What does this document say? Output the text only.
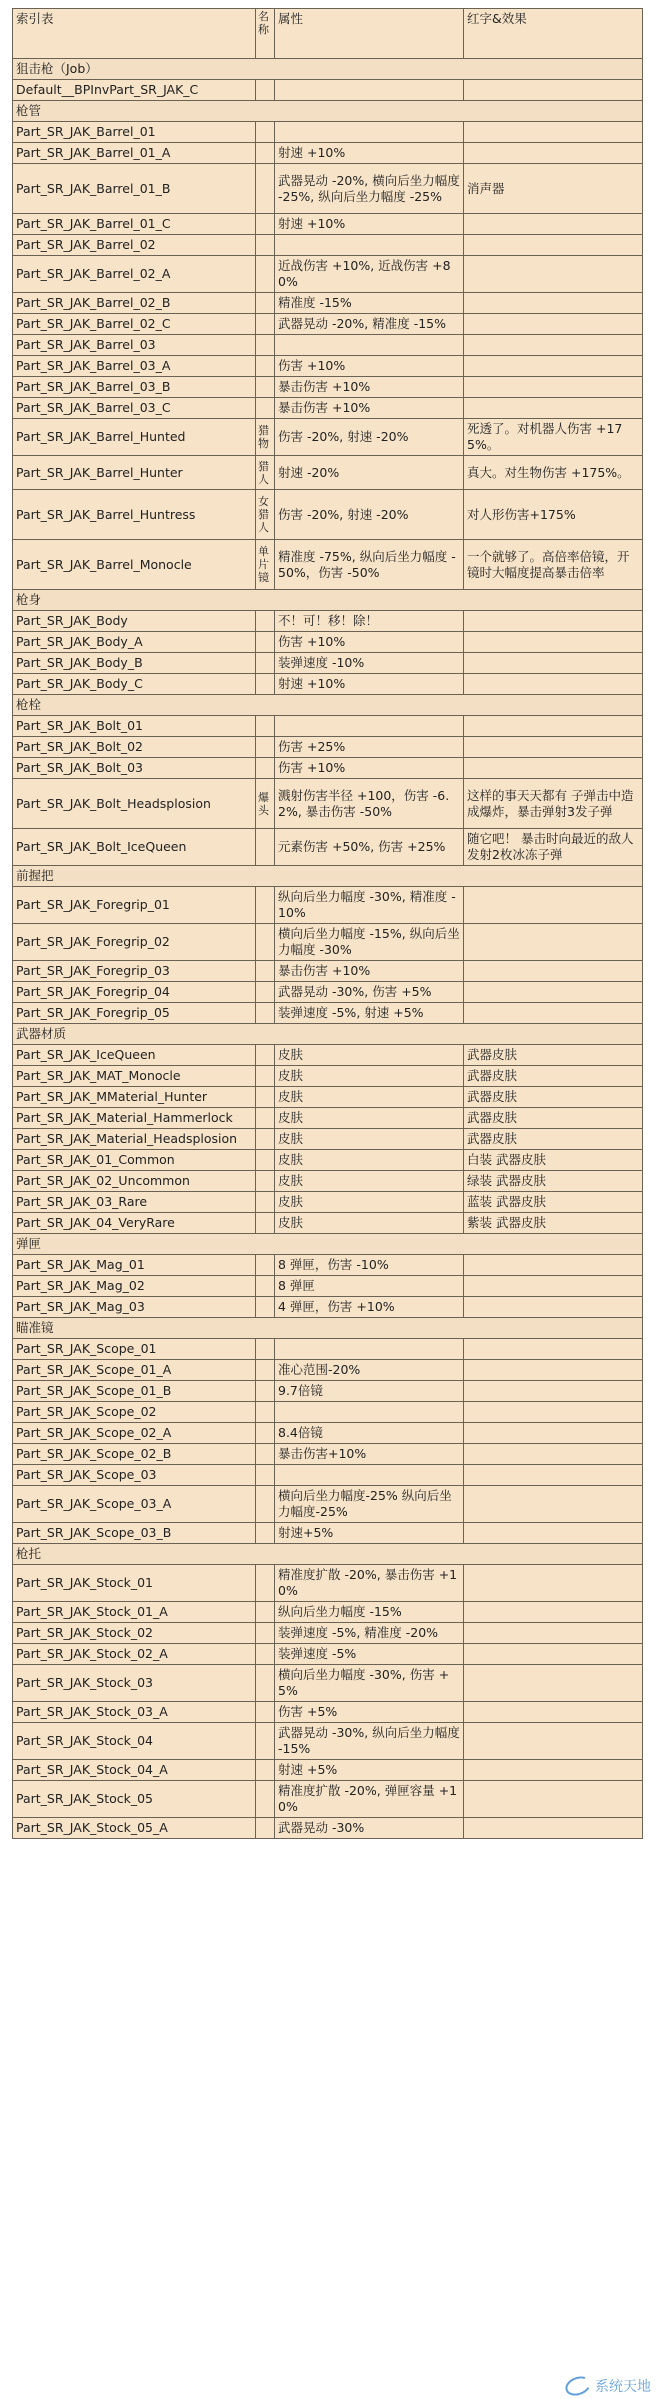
索引表	名称	属性	红字&效果
狙击枪（Job）			
Default__BPInvPart_SR_JAK_C			
枪管			
Part_SR_JAK_Barrel_01			
Part_SR_JAK_Barrel_01_A		射速 +10%	
Part_SR_JAK_Barrel_01_B		武器晃动 -20%, 横向后坐力幅度 -25%, 纵向后坐力幅度 -25%	消声器
Part_SR_JAK_Barrel_01_C		射速 +10%	
Part_SR_JAK_Barrel_02			
Part_SR_JAK_Barrel_02_A		近战伤害 +10%, 近战伤害 +80%	
Part_SR_JAK_Barrel_02_B		精准度 -15%	
Part_SR_JAK_Barrel_02_C		武器晃动 -20%, 精准度 -15%	
Part_SR_JAK_Barrel_03			
Part_SR_JAK_Barrel_03_A		伤害 +10%	
Part_SR_JAK_Barrel_03_B		暴击伤害 +10%	
Part_SR_JAK_Barrel_03_C		暴击伤害 +10%	
Part_SR_JAK_Barrel_Hunted	猎物	伤害 -20%, 射速 -20%	死透了。对机器人伤害 +175%。
Part_SR_JAK_Barrel_Hunter	猎人	射速 -20%	真大。对生物伤害 +175%。
Part_SR_JAK_Barrel_Huntress	女猎人	伤害 -20%, 射速 -20%	对人形伤害+175%
Part_SR_JAK_Barrel_Monocle	单片镜	精准度 -75%, 纵向后坐力幅度 -50%，伤害 -50%	一个就够了。高倍率倍镜，开镜时大幅度提高暴击倍率
枪身			
Part_SR_JAK_Body		不！可！移！除！	
Part_SR_JAK_Body_A		伤害 +10%	
Part_SR_JAK_Body_B		装弹速度 -10%	
Part_SR_JAK_Body_C		射速 +10%	
枪栓			
Part_SR_JAK_Bolt_01			
Part_SR_JAK_Bolt_02		伤害 +25%	
Part_SR_JAK_Bolt_03		伤害 +10%	
Part_SR_JAK_Bolt_Headsplosion	爆头	溅射伤害半径 +100，伤害 -6.2%, 暴击伤害 -50%	这样的事天天都有 子弹击中造成爆炸，暴击弹射3发子弹
Part_SR_JAK_Bolt_IceQueen		元素伤害 +50%, 伤害 +25%	随它吧！ 暴击时向最近的敌人发射2枚冰冻子弹
前握把			
Part_SR_JAK_Foregrip_01		纵向后坐力幅度 -30%, 精准度 -10%	
Part_SR_JAK_Foregrip_02		横向后坐力幅度 -15%, 纵向后坐力幅度 -30%	
Part_SR_JAK_Foregrip_03		暴击伤害 +10%	
Part_SR_JAK_Foregrip_04		武器晃动 -30%, 伤害 +5%	
Part_SR_JAK_Foregrip_05		装弹速度 -5%, 射速 +5%	
武器材质			
Part_SR_JAK_IceQueen		皮肤	武器皮肤
Part_SR_JAK_MAT_Monocle		皮肤	武器皮肤
Part_SR_JAK_MMaterial_Hunter		皮肤	武器皮肤
Part_SR_JAK_Material_Hammerlock		皮肤	武器皮肤
Part_SR_JAK_Material_Headsplosion		皮肤	武器皮肤
Part_SR_JAK_01_Common		皮肤	白装 武器皮肤
Part_SR_JAK_02_Uncommon		皮肤	绿装 武器皮肤
Part_SR_JAK_03_Rare		皮肤	蓝装 武器皮肤
Part_SR_JAK_04_VeryRare		皮肤	紫装 武器皮肤
弹匣			
Part_SR_JAK_Mag_01		8 弹匣，伤害 -10%	
Part_SR_JAK_Mag_02		8 弹匣	
Part_SR_JAK_Mag_03		4 弹匣，伤害 +10%	
瞄准镜			
Part_SR_JAK_Scope_01			
Part_SR_JAK_Scope_01_A		准心范围-20%	
Part_SR_JAK_Scope_01_B		9.7倍镜	
Part_SR_JAK_Scope_02			
Part_SR_JAK_Scope_02_A		8.4倍镜	
Part_SR_JAK_Scope_02_B		暴击伤害+10%	
Part_SR_JAK_Scope_03			
Part_SR_JAK_Scope_03_A		横向后坐力幅度-25% 纵向后坐力幅度-25%	
Part_SR_JAK_Scope_03_B		射速+5%	
枪托			
Part_SR_JAK_Stock_01		精准度扩散 -20%, 暴击伤害 +10%	
Part_SR_JAK_Stock_01_A		纵向后坐力幅度 -15%	
Part_SR_JAK_Stock_02		装弹速度 -5%, 精准度 -20%	
Part_SR_JAK_Stock_02_A		装弹速度 -5%	
Part_SR_JAK_Stock_03		横向后坐力幅度 -30%, 伤害 +5%	
Part_SR_JAK_Stock_03_A		伤害 +5%	
Part_SR_JAK_Stock_04		武器晃动 -30%, 纵向后坐力幅度 -15%	
Part_SR_JAK_Stock_04_A		射速 +5%	
Part_SR_JAK_Stock_05		精准度扩散 -20%, 弹匣容量 +10%	
Part_SR_JAK_Stock_05_A		武器晃动 -30%	
系统天地
